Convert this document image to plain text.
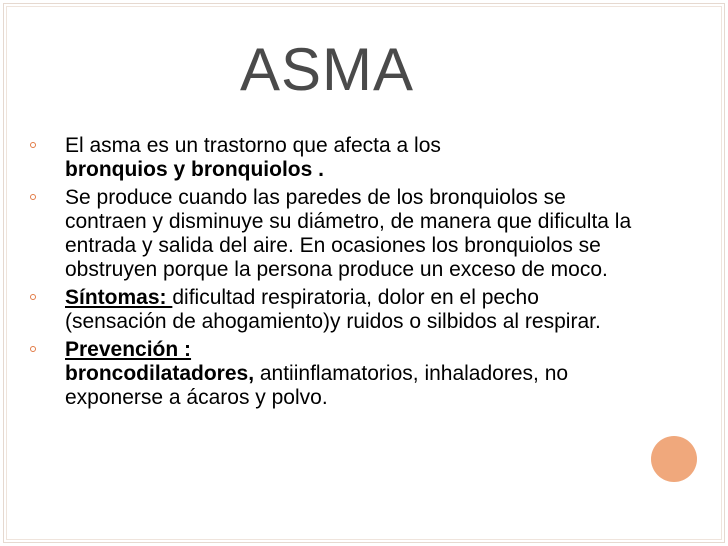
ASMA
El asma es un trastorno que afecta a los
bronquios y bronquiolos .
Se produce cuando las paredes de los bronquiolos se contraen y disminuye su diámetro, de manera que dificulta la entrada y salida del aire. En ocasiones los bronquiolos se obstruyen porque la persona produce un exceso de moco.
Síntomas: dificultad respiratoria, dolor en el pecho (sensación de ahogamiento)y ruidos o silbidos al respirar.
Prevención :
broncodilatadores, antiinflamatorios, inhaladores, no exponerse a ácaros y polvo.
